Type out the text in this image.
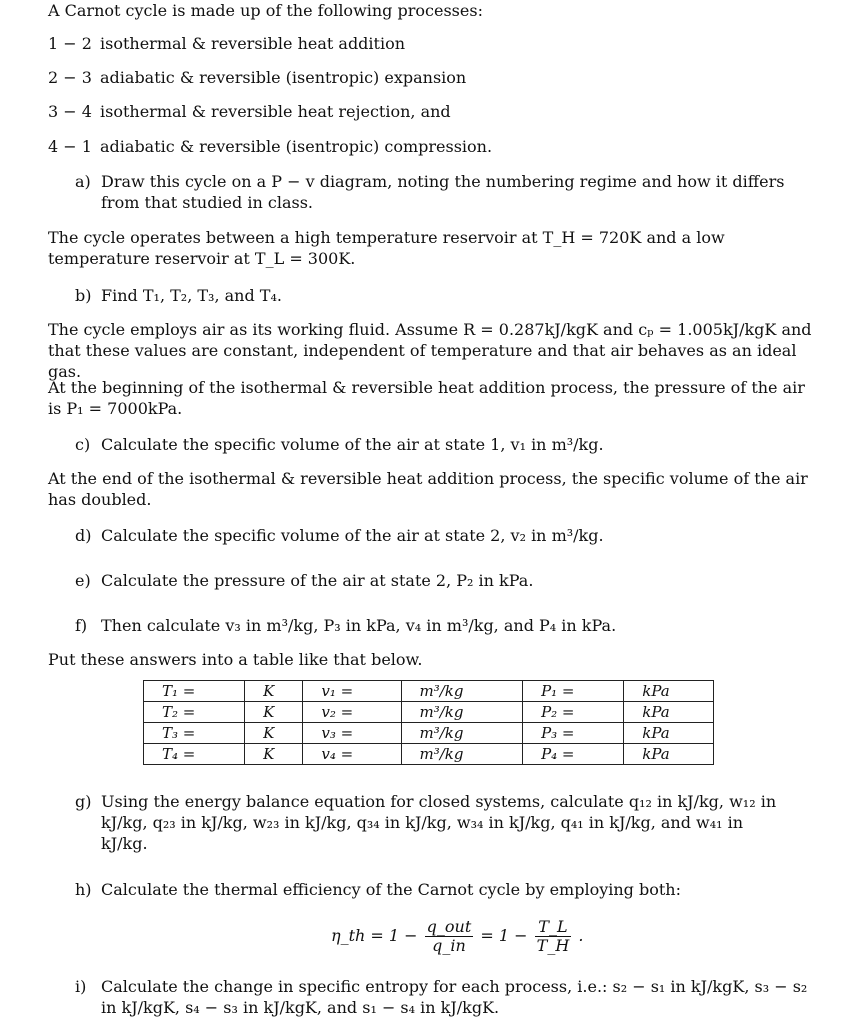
A Carnot cycle is made up of the following processes:
1 − 2 isothermal & reversible heat addition
2 − 3 adiabatic & reversible (isentropic) expansion
3 − 4 isothermal & reversible heat rejection, and
4 − 1 adiabatic & reversible (isentropic) compression.
a) Draw this cycle on a P − v diagram, noting the numbering regime and how it differs from that studied in class.
The cycle operates between a high temperature reservoir at T_H = 720K and a low temperature reservoir at T_L = 300K.
b) Find T₁, T₂, T₃, and T₄.
The cycle employs air as its working fluid. Assume R = 0.287kJ/kgK and cₚ = 1.005kJ/kgK and that these values are constant, independent of temperature and that air behaves as an ideal gas.
At the beginning of the isothermal & reversible heat addition process, the pressure of the air is P₁ = 7000kPa.
c) Calculate the specific volume of the air at state 1, v₁ in m³/kg.
At the end of the isothermal & reversible heat addition process, the specific volume of the air has doubled.
d) Calculate the specific volume of the air at state 2, v₂ in m³/kg.
e) Calculate the pressure of the air at state 2, P₂ in kPa.
f) Then calculate v₃ in m³/kg, P₃ in kPa, v₄ in m³/kg, and P₄ in kPa.
Put these answers into a table like that below.
T₁ =	K	v₁ =	m³/kg	P₁ =	kPa
T₂ =	K	v₂ =	m³/kg	P₂ =	kPa
T₃ =	K	v₃ =	m³/kg	P₃ =	kPa
T₄ =	K	v₄ =	m³/kg	P₄ =	kPa
g) Using the energy balance equation for closed systems, calculate q₁₂ in kJ/kg, w₁₂ in kJ/kg, q₂₃ in kJ/kg, w₂₃ in kJ/kg, q₃₄ in kJ/kg, w₃₄ in kJ/kg, q₄₁ in kJ/kg, and w₄₁ in kJ/kg.
h) Calculate the thermal efficiency of the Carnot cycle by employing both:
η_th = $1 - \frac{\text{q\_out}}{q\_in} = 1 - \frac{T\_L}{T\_H}$ .
i) Calculate the change in specific entropy for each process, i.e.: s₂ − s₁ in kJ/kgK, s₃ − s₂ in kJ/kgK, s₄ − s₃ in kJ/kgK, and s₁ − s₄ in kJ/kgK.
